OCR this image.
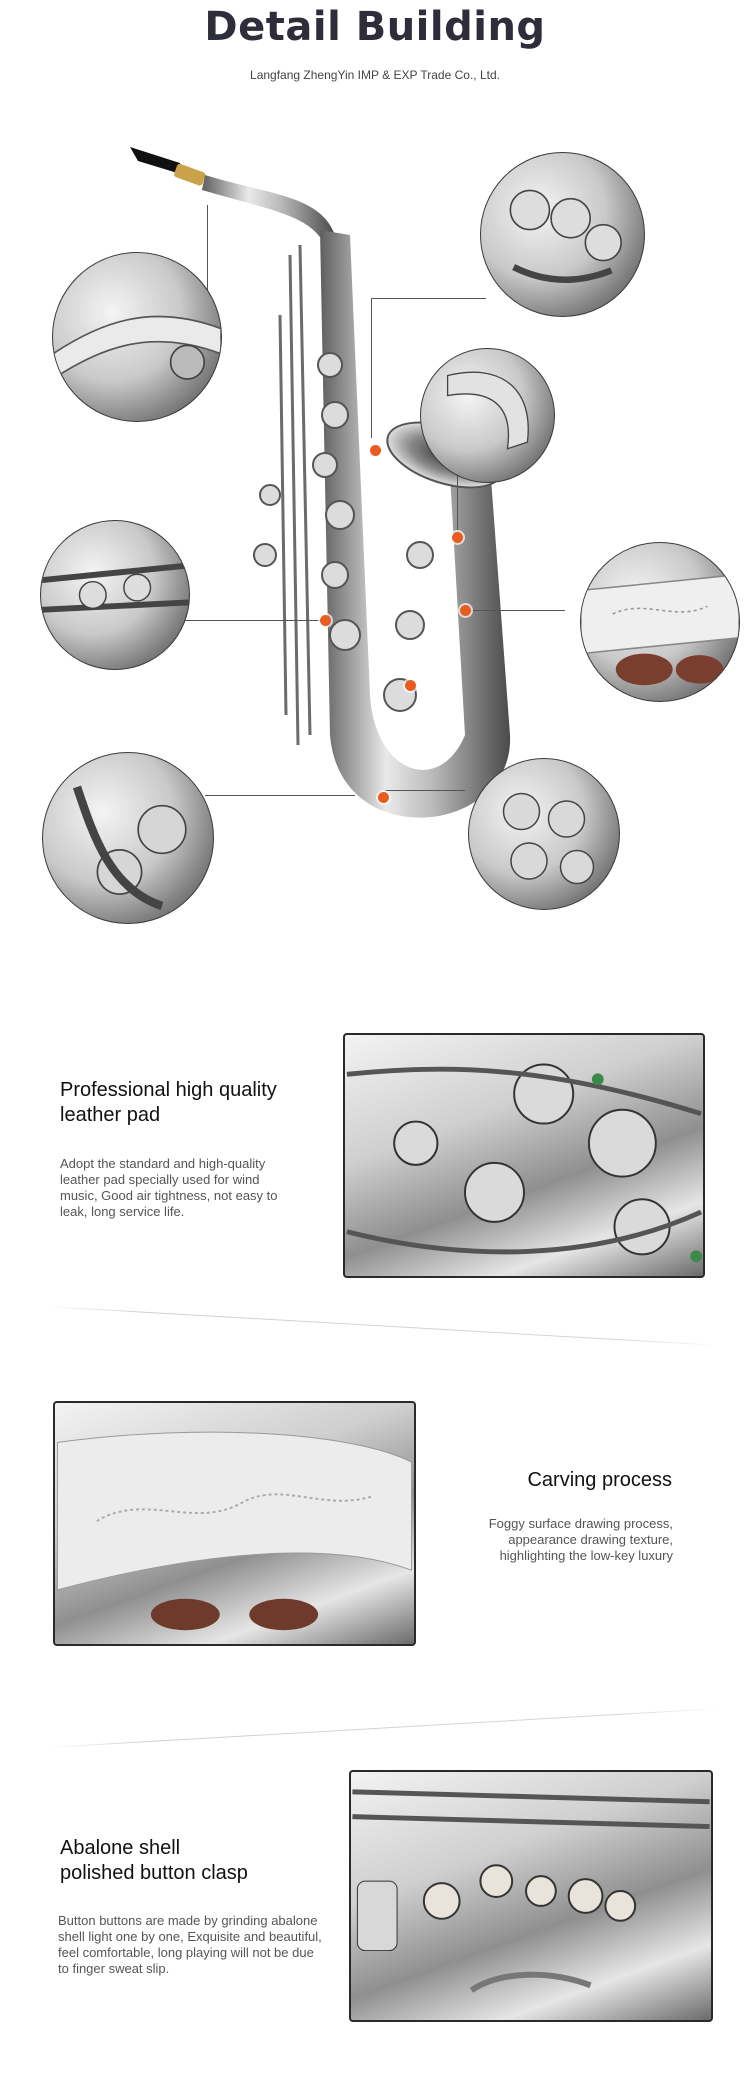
Detail Building
Langfang ZhengYin IMP & EXP Trade Co., Ltd.
Professional high quality
leather pad
Adopt the standard and high-quality
leather pad specially used for wind
music, Good air tightness, not easy to
leak, long service life.
Carving process
Foggy surface drawing process,
appearance drawing texture,
highlighting the low-key luxury
Abalone shell
polished button clasp
Button buttons are made by grinding abalone
shell light one by one, Exquisite and beautiful,
feel comfortable, long playing will not be due
to finger sweat slip.
